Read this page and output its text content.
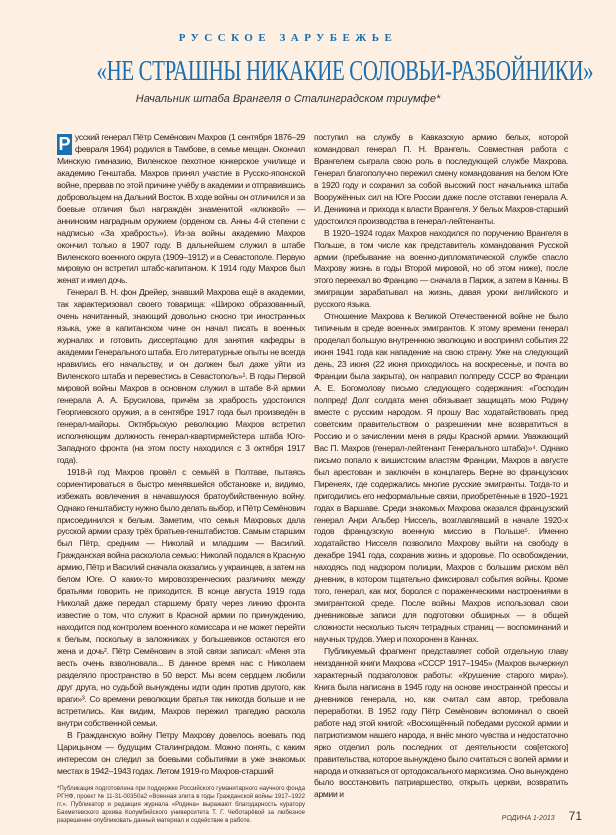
РУССКОЕ ЗАРУБЕЖЬЕ
«НЕ СТРАШНЫ НИКАКИЕ СОЛОВЬИ-РАЗБОЙНИКИ»
Начальник штаба Врангеля о Сталинградском триумфе*

Р усский генерал Пётр Семёнович Махров (1 сентября 1876–29 февраля 1964) родился в Тамбове, в семье мещан. Окончил Минскую гимназию, Виленское пехотное юнкерское училище и академию Генштаба. Махров принял участие в Русско-японской войне, прервав по этой причине учёбу в академии и отправившись добровольцем на Дальний Восток. В ходе войны он отличился и за боевые отличия был награждён знаменитой «клюквой» — аннинским наградным оружием (орденом св. Анны 4-й степени с надписью «За храбрость»). Из-за войны академию Махров окончил только в 1907 году. В дальнейшем служил в штабе Виленского военного округа (1909–1912) и в Севастополе. Первую мировую он встретил штабс-капитаном. К 1914 году Махров был женат и имел дочь.

Генерал В. Н. фон Дрейер, знавший Махрова ещё в академии, так характеризовал своего товарища: «Широко образованный, очень начитанный, знающий довольно сносно три иностранных языка, уже в капитанском чине он начал писать в военных журналах и готовить диссертацию для занятия кафедры в академии Генерального штаба. Его литературные опыты не всегда нравились его начальству, и он должен был даже уйти из Виленского штаба и перевестись в Севастополь»¹. В годы Первой мировой войны Махров в основном служил в штабе 8-й армии генерала А. А. Брусилова, причём за храбрость удостоился Георгиевского оружия, а в сентябре 1917 года был произведён в генерал-майоры. Октябрьскую революцию Махров встретил исполняющим должность генерал-квартирмейстера штаба Юго-Западного фронта (на этом посту находился с 3 октября 1917 года).

1918-й год Махров провёл с семьёй в Полтаве, пытаясь сориентироваться в быстро менявшейся обстановке и, видимо, избежать вовлечения в начавшуюся братоубийственную войну. Однако генштабисту нужно было делать выбор, и Пётр Семёнович присоединился к белым. Заметим, что семья Махровых дала русской армии сразу трёх братьев-генштабистов. Самым старшим был Пётр, средним — Николай и младшим — Василий. Гражданская война расколола семью: Николай подался в Красную армию, Пётр и Василий сначала оказались у украинцев, а затем на белом Юге. О каких-то мировоззренческих различиях между братьями говорить не приходится. В конце августа 1919 года Николай даже передал старшему брату через линию фронта известие о том, что служит в Красной армии по принуждению, находится под контролем военного комиссара и не может перейти к белым, поскольку в заложниках у большевиков остаются его жена и дочь². Пётр Семёнович в этой связи записал: «Меня эта весть очень взволновала... В данное время нас с Николаем разделяло пространство в 50 верст. Мы всем сердцем любили друг друга, но судьбой вынуждены идти один против другого, как враги»³. Со времени революции братья так никогда больше и не встретились. Как видим, Махров пережил трагедию раскола внутри собственной семьи.

В Гражданскую войну Петру Махрову довелось воевать под Царицыном — будущим Сталинградом. Можно понять, с каким интересом он следил за боевыми событиями в уже знакомых местах в 1942–1943 годах. Летом 1919-го Махров-старший

*Публикация подготовлена при поддержке Российского гуманитарного научного фонда РГНФ, проект № 11-31-00350а2 «Военная элита в годы Гражданской войны 1917–1922 гг.». Публикатор и редакция журнала «Родина» выражают благодарность куратору Бахметевского архива Колумбийского университета Т. Г. Чеботарёвой за любезное разрешение опубликовать данный материал и содействие в работе.

поступил на службу в Кавказскую армию белых, которой командовал генерал П. Н. Врангель. Совместная работа с Врангелем сыграла свою роль в последующей службе Махрова. Генерал благополучно пережил смену командования на белом Юге в 1920 году и сохранил за собой высокий пост начальника штаба Вооружённых сил на Юге России даже после отставки генерала А. И. Деникина и прихода к власти Врангеля. У белых Махров-старший удостоился производства в генерал-лейтенанты.

В 1920–1924 годах Махров находился по поручению Врангеля в Польше, в том числе как представитель командования Русской армии (пребывание на военно-дипломатической службе спасло Махрову жизнь в годы Второй мировой, но об этом ниже), после этого переехал во Францию — сначала в Париж, а затем в Канны. В эмиграции зарабатывал на жизнь, давая уроки английского и русского языка.

Отношение Махрова к Великой Отечественной войне не было типичным в среде военных эмигрантов. К этому времени генерал проделал большую внутреннюю эволюцию и воспринял события 22 июня 1941 года как нападение на свою страну. Уже на следующий день, 23 июня (22 июня приходилось на воскресенье, и почта во Франции была закрыта), он направил полпреду СССР во Франции А. Е. Богомолову письмо следующего содержания: «Господин полпред! Долг солдата меня обязывает защищать мою Родину вместе с русским народом. Я прошу Вас ходатайствовать пред советским правительством о разрешении мне возвратиться в Россию и о зачислении меня в ряды Красной армии. Уважающий Вас П. Махров (генерал-лейтенант Генерального штаба)»⁴. Однако письмо попало к вишистским властям Франции, Махров в августе был арестован и заключён в концлагерь Верне во французских Пиренеях, где содержались многие русские эмигранты. Тогда-то и пригодились его неформальные связи, приобретённые в 1920–1921 годах в Варшаве. Среди знакомых Махрова оказался французский генерал Анри Альбер Ниссель, возглавлявший в начале 1920-х годов французскую военную миссию в Польше⁵. Именно ходатайство Нисселя позволило Махрову выйти на свободу в декабре 1941 года, сохранив жизнь и здоровье. По освобождении, находясь под надзором полиции, Махров с большим риском вёл дневник, в котором тщательно фиксировал события войны. Кроме того, генерал, как мог, боролся с пораженческими настроениями в эмигрантской среде. После войны Махров использовал свои дневниковые записи для подготовки обширных — в общей сложности несколько тысяч тетрадных страниц — воспоминаний и научных трудов. Умер и похоронен в Каннах.

Публикуемый фрагмент представляет собой отдельную главу неизданной книги Махрова «СССР 1917–1945» (Махров вычеркнул характерный подзаголовок работы: «Крушение старого мира»). Книга была написана в 1945 году на основе иностранной прессы и дневников генерала, но, как считал сам автор, требовала переработки. В 1952 году Пётр Семёнович вспоминал о своей работе над этой книгой: «Восхищённый победами русской армии и патриотизмом нашего народа, я внёс много чувства и недостаточно ярко отделил роль последних от деятельности сов[етского] правительства, которое вынуждено было считаться с волей армии и народа и отказаться от ортодоксального марксизма. Оно вынуждено было восстановить патриаршество, открыть церкви, возвратить армии и

РОДИНА 1-2013 71
